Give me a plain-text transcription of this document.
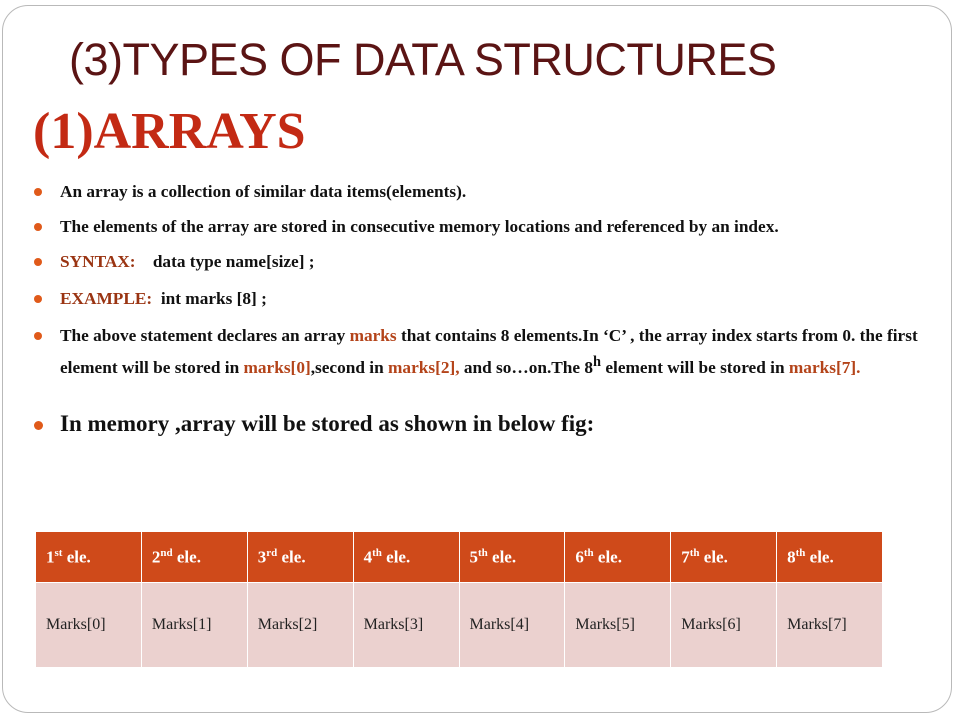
(3)TYPES OF DATA STRUCTURES
(1)ARRAYS
An array is a collection of similar data items(elements).
The elements of the array are stored in consecutive memory locations and referenced by an index.
SYNTAX: data type name[size] ;
EXAMPLE: int marks [8] ;
The above statement declares an array marks that contains 8 elements.In ‘C’ , the array index starts from 0. the first element will be stored in marks[0],second in marks[2], and so…on.The 8$^h$ element will be stored in marks[7].
In memory ,array will be stored as shown in below fig:
1st ele.	2nd ele.	3rd ele.	4th ele.	5th ele.	6th ele.	7th ele.	8th ele.
Marks[0]	Marks[1]	Marks[2]	Marks[3]	Marks[4]	Marks[5]	Marks[6]	Marks[7]
